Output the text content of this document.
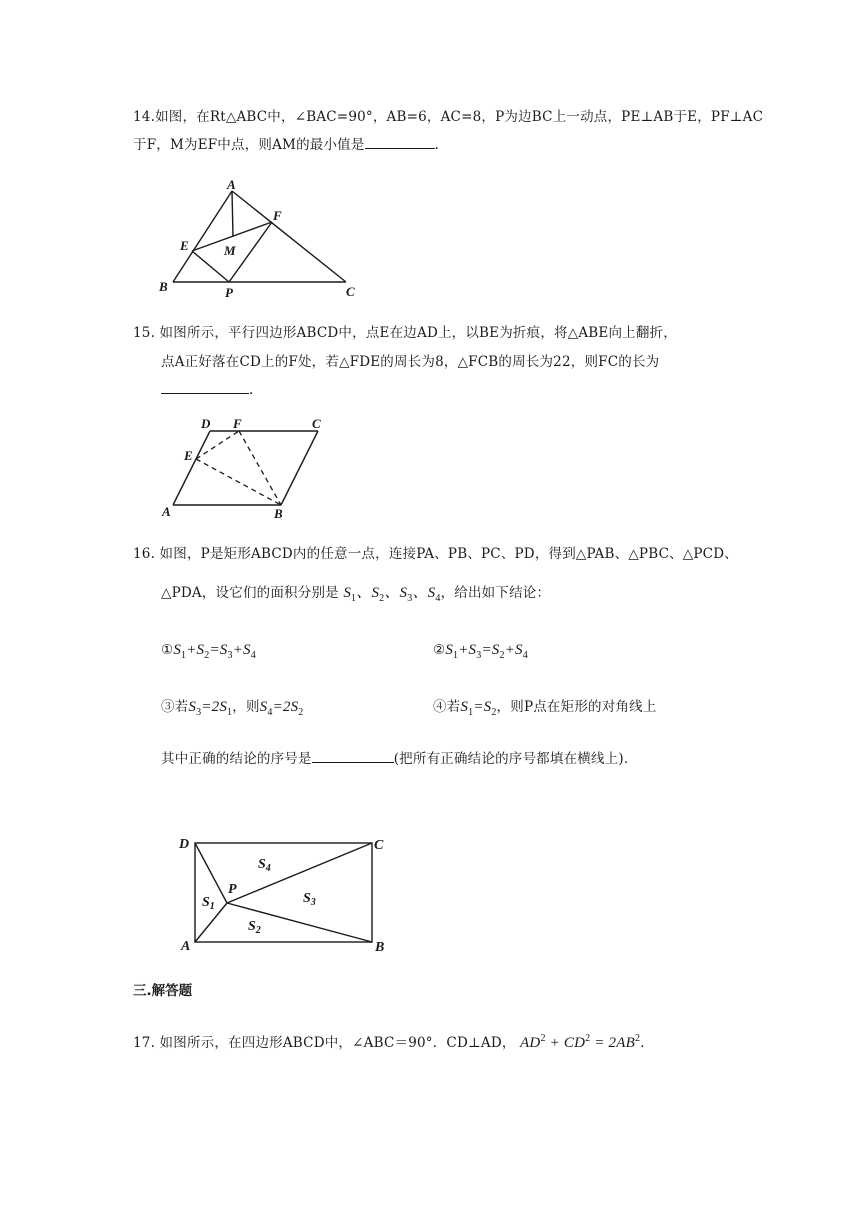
14.如图，在Rt△ABC中，∠BAC=90°，AB=6，AC=8，P为边BC上一动点，PE⊥AB于E，PF⊥AC
于F，M为EF中点，则AM的最小值是	.
A
B	C
E
F
M
P
15. 如图所示，平行四边形ABCD中，点E在边AD上，以BE为折痕，将△ABE向上翻折，
点A正好落在CD上的F处，若△FDE的周长为8，△FCB的周长为22，则FC的长为
.
D F	C
E
A	B
16. 如图，P是矩形ABCD内的任意一点，连接PA、PB、PC、PD，得到△PAB、△PBC、△PCD、
△PDA，设它们的面积分别是 $S_1$、$S_2$、$S_3$、$S_4$，给出如下结论：
$①S_1+S_2=S_3+S_4$	$②S_1+S_3=S_2+S_4$
③若$S_3=2S_1$，则$S_4=2S_2$	④若$S_1=S_2$，则P点在矩形的对角线上
其中正确的结论的序号是	(把所有正确结论的序号都填在横线上)．
D	C
A	B
P
$S_1$
$S_2$
$S_3$
$S_4$
三.解答题
17. 如图所示，在四边形ABCD中，∠ABC＝90°．CD⊥AD， $AD^2 + CD^2 = 2AB^2$．
